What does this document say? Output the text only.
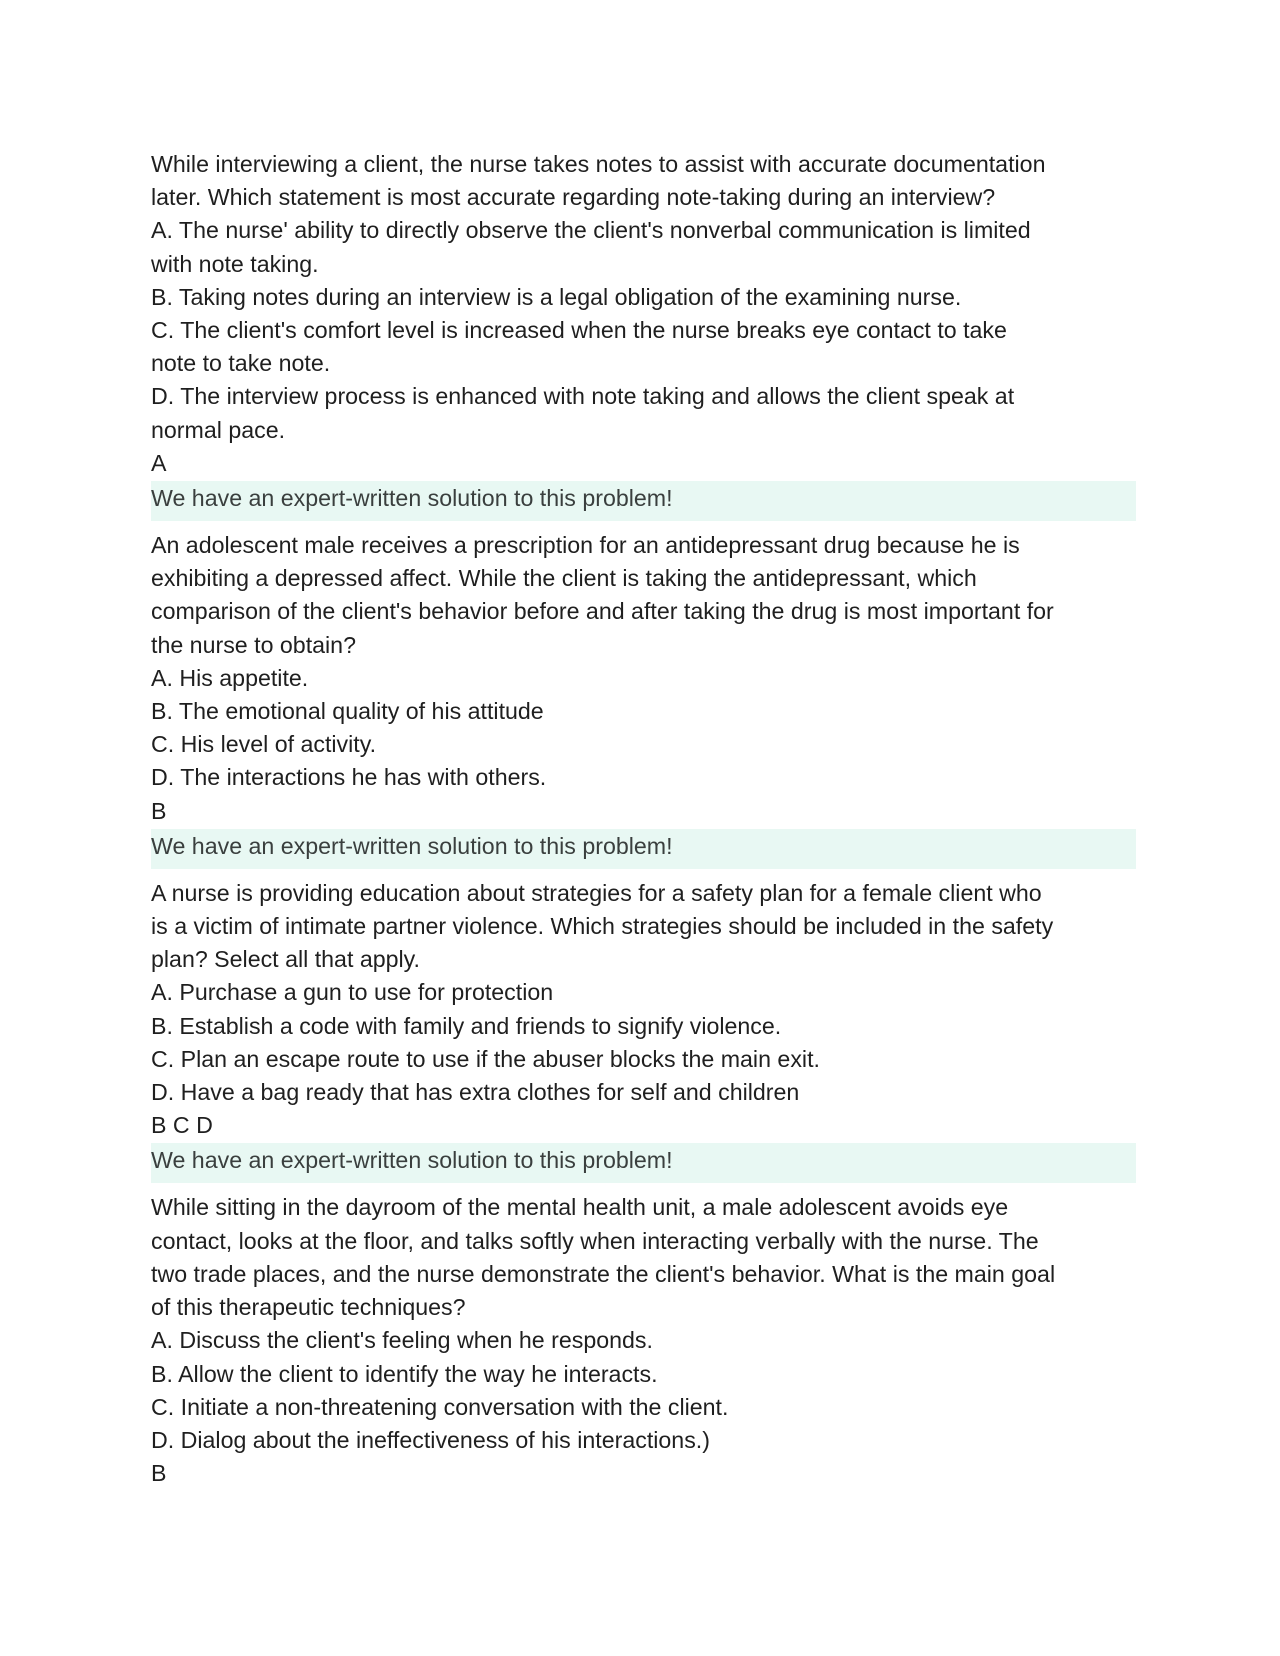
While interviewing a client, the nurse takes notes to assist with accurate documentation

later. Which statement is most accurate regarding note-taking during an interview?

A. The nurse' ability to directly observe the client's nonverbal communication is limited

with note taking.

B. Taking notes during an interview is a legal obligation of the examining nurse.

C. The client's comfort level is increased when the nurse breaks eye contact to take

note to take note.

D. The interview process is enhanced with note taking and allows the client speak at

normal pace.

A

We have an expert-written solution to this problem!

An adolescent male receives a prescription for an antidepressant drug because he is

exhibiting a depressed affect. While the client is taking the antidepressant, which

comparison of the client's behavior before and after taking the drug is most important for

the nurse to obtain?

A. His appetite.

B. The emotional quality of his attitude

C. His level of activity.

D. The interactions he has with others.

B

We have an expert-written solution to this problem!

A nurse is providing education about strategies for a safety plan for a female client who

is a victim of intimate partner violence. Which strategies should be included in the safety

plan? Select all that apply.

A. Purchase a gun to use for protection

B. Establish a code with family and friends to signify violence.

C. Plan an escape route to use if the abuser blocks the main exit.

D. Have a bag ready that has extra clothes for self and children

B C D

We have an expert-written solution to this problem!

While sitting in the dayroom of the mental health unit, a male adolescent avoids eye

contact, looks at the floor, and talks softly when interacting verbally with the nurse. The

two trade places, and the nurse demonstrate the client's behavior. What is the main goal

of this therapeutic techniques?

A. Discuss the client's feeling when he responds.

B. Allow the client to identify the way he interacts.

C. Initiate a non-threatening conversation with the client.

D. Dialog about the ineffectiveness of his interactions.)

B
